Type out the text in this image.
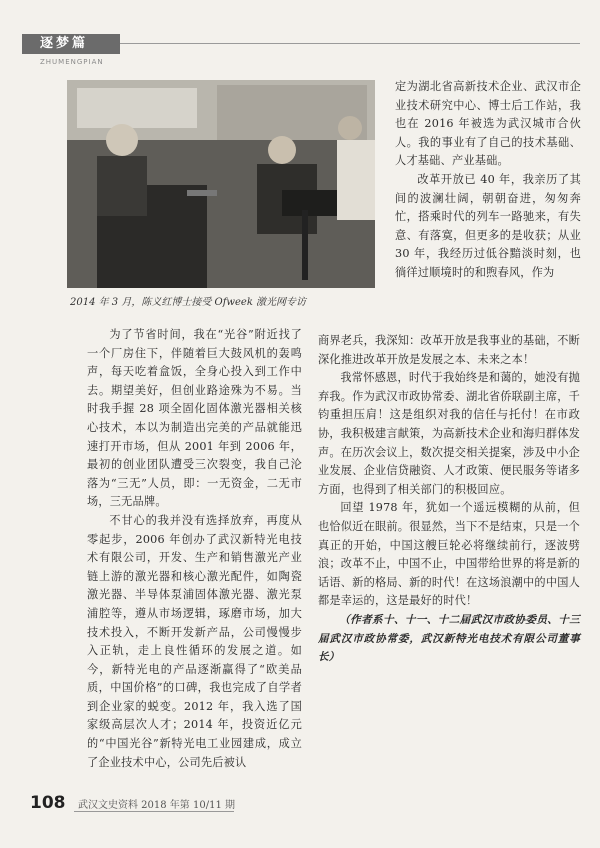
逐梦篇
ZHUMENGPIAN
2014 年 3 月，陈义红博士接受 Ofweek 激光网专访

定为湖北省高新技术企业、武汉市企业技术研究中心、博士后工作站，我也在 2016 年被选为武汉城市合伙人。我的事业有了自己的技术基础、人才基础、产业基础。

改革开放已 40 年，我亲历了其间的波澜壮阔，朝朝奋进，匆匆奔忙，搭乘时代的列车一路驰来，有失意、有落寞，但更多的是收获；从业 30 年，我经历过低谷黯淡时刻，也徜徉过顺境时的和煦春风，作为

为了节省时间，我在“光谷”附近找了一个厂房住下，伴随着巨大鼓风机的轰鸣声，每天吃着盒饭，全身心投入到工作中去。期望美好，但创业路途殊为不易。当时我手握 28 项全固化固体激光器相关核心技术，本以为制造出完美的产品就能迅速打开市场，但从 2001 年到 2006 年，最初的创业团队遭受三次裂变，我自己沦落为“三无”人员，即：一无资金，二无市场，三无品牌。

不甘心的我并没有选择放弃，再度从零起步，2006 年创办了武汉新特光电技术有限公司，开发、生产和销售激光产业链上游的激光器和核心激光配件，如陶瓷激光器、半导体泵浦固体激光器、激光泵浦腔等，遵从市场逻辑，琢磨市场，加大技术投入，不断开发新产品，公司慢慢步入正轨，走上良性循环的发展之道。如今，新特光电的产品逐渐赢得了“欧美品质，中国价格”的口碑，我也完成了自学者到企业家的蜕变。2012 年，我入选了国家级高层次人才；2014 年，投资近亿元的“中国光谷”新特光电工业园建成，成立了企业技术中心，公司先后被认

商界老兵，我深知：改革开放是我事业的基础，不断深化推进改革开放是发展之本、未来之本！

我常怀感恩，时代于我始终是和蔼的，她没有抛弃我。作为武汉市政协常委、湖北省侨联副主席，千钧重担压肩！这是组织对我的信任与托付！在市政协，我积极建言献策，为高新技术企业和海归群体发声。在历次会议上，数次提交相关提案，涉及中小企业发展、企业信贷融资、人才政策、便民服务等诸多方面，也得到了相关部门的积极回应。

回望 1978 年，犹如一个遥远模糊的从前，但也恰似近在眼前。很显然，当下不是结束，只是一个真正的开始，中国这艘巨轮必将继续前行，逐波劈浪；改革不止，中国不止，中国带给世界的将是新的话语、新的格局、新的时代！在这场浪潮中的中国人都是幸运的，这是最好的时代！

（作者系十、十一、十二届武汉市政协委员、十三届武汉市政协常委，武汉新特光电技术有限公司董事长）

108 武汉文史资料 2018 年第 10/11 期
